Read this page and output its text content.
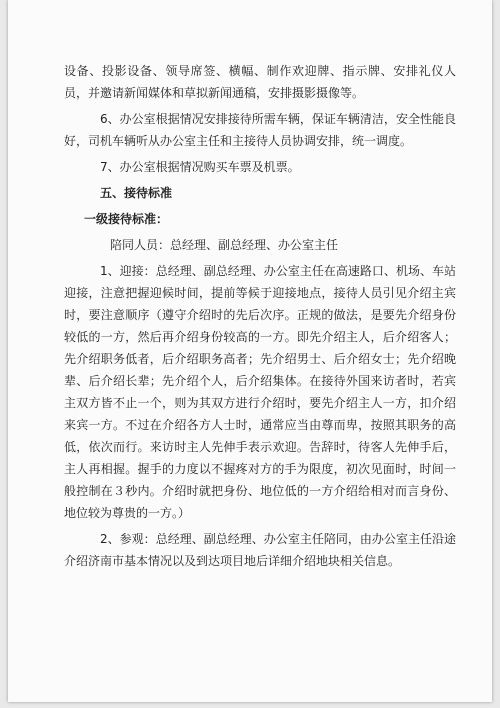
设备、投影设备、领导席签、横幅、制作欢迎牌、指示牌、安排礼仪人员，并邀请新闻媒体和草拟新闻通稿，安排摄影摄像等。

6、办公室根据情况安排接待所需车辆，保证车辆清洁，安全性能良好，司机车辆听从办公室主任和主接待人员协调安排，统一调度。

7、办公室根据情况购买车票及机票。

五、接待标准

一级接待标准：

陪同人员：总经理、副总经理、办公室主任

1、迎接：总经理、副总经理、办公室主任在高速路口、机场、车站迎接，注意把握迎候时间，提前等候于迎接地点，接待人员引见介绍主宾时，要注意顺序（遵守介绍时的先后次序。正规的做法，是要先介绍身份较低的一方，然后再介绍身份较高的一方。即先介绍主人，后介绍客人；先介绍职务低者，后介绍职务高者；先介绍男士、后介绍女士；先介绍晚辈、后介绍长辈；先介绍个人，后介绍集体。在接待外国来访者时，若宾主双方皆不止一个，则为其双方进行介绍时，要先介绍主人一方，扣介绍来宾一方。不过在介绍各方人士时，通常应当由尊而卑，按照其职务的高低，依次而行。来访时主人先伸手表示欢迎。告辞时，待客人先伸手后，主人再相握。握手的力度以不握疼对方的手为限度，初次见面时，时间一般控制在３秒内。介绍时就把身份、地位低的一方介绍给相对而言身份、地位较为尊贵的一方。）

2、参观：总经理、副总经理、办公室主任陪同，由办公室主任沿途介绍济南市基本情况以及到达项目地后详细介绍地块相关信息。
